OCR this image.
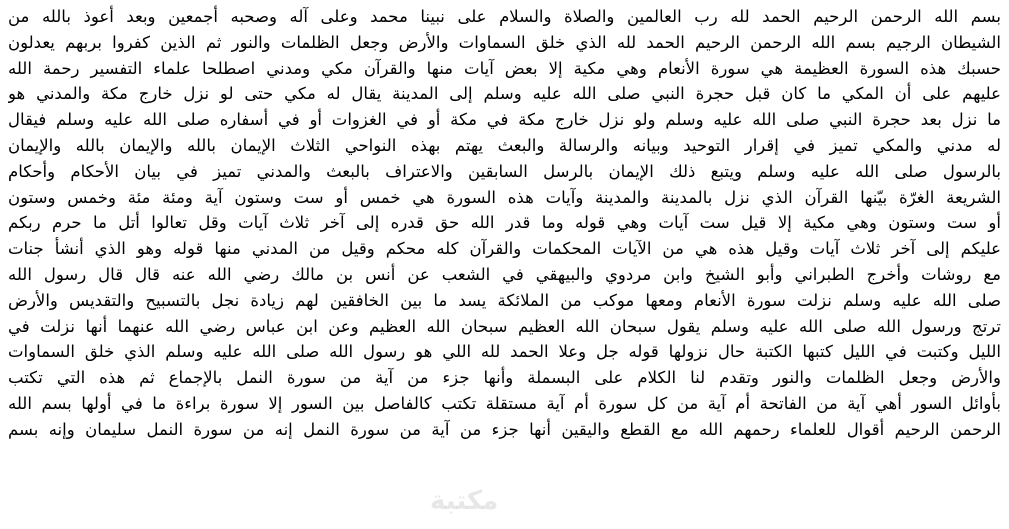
بسم الله الرحمن الرحيم الحمد لله رب العالمين والصلاة والسلام على نبينا محمد وعلى آله وصحبه أجمعين وبعد أعوذ بالله من
الشيطان الرجيم بسم الله الرحمن الرحيم الحمد لله الذي خلق السماوات والأرض وجعل الظلمات والنور ثم الذين كفروا بربهم يعدلون
حسبك هذه السورة العظيمة هي سورة الأنعام وهي مكية إلا بعض آيات منها والقرآن مكي ومدني اصطلحا علماء التفسير رحمة الله
عليهم على أن المكي ما كان قبل حجرة النبي صلى الله عليه وسلم إلى المدينة يقال له مكي حتى لو نزل خارج مكة والمدني هو
ما نزل بعد حجرة النبي صلى الله عليه وسلم ولو نزل خارج مكة في مكة أو في الغزوات أو في أسفاره صلى الله عليه وسلم فيقال
له مدني والمكي تميز في إقرار التوحيد وبيانه والرسالة والبعث يهتم بهذه النواحي الثلاث الإيمان بالله والإيمان بالله والإيمان
بالرسول صلى الله عليه وسلم ويتبع ذلك الإيمان بالرسل السابقين والاعتراف بالبعث والمدني تميز في بيان الأحكام وأحكام
الشريعة الغرّة بيّنها القرآن الذي نزل بالمدينة والمدينة وآيات هذه السورة هي خمس أو ست وستون آية ومئة مئة وخمس وستون
أو ست وستون وهي مكية إلا قيل ست آيات وهي قوله وما قدر الله حق قدره إلى آخر ثلاث آيات وقل تعالوا أتل ما حرم ربكم
عليكم إلى آخر ثلاث آيات وقيل هذه هي من الآيات المحكمات والقرآن كله محكم وقيل من المدني منها قوله وهو الذي أنشأ جنات
مع روشات وأخرج الطبراني وأبو الشيخ وابن مردوي والبيهقي في الشعب عن أنس بن مالك رضي الله عنه قال قال رسول الله
صلى الله عليه وسلم نزلت سورة الأنعام ومعها موكب من الملائكة يسد ما بين الخافقين لهم زيادة نجل بالتسبيح والتقديس والأرض
ترتج ورسول الله صلى الله عليه وسلم يقول سبحان الله العظيم سبحان الله العظيم وعن ابن عباس رضي الله عنهما أنها نزلت في
الليل وكتبت في الليل كتبها الكتبة حال نزولها قوله جل وعلا الحمد لله اللي هو رسول الله صلى الله عليه وسلم الذي خلق السماوات
والأرض وجعل الظلمات والنور وتقدم لنا الكلام على البسملة وأنها جزء من آية من سورة النمل بالإجماع ثم هذه التي تكتب
بأوائل السور أهي آية من الفاتحة أم آية من كل سورة أم آية مستقلة تكتب كالفاصل بين السور إلا سورة براءة ما في أولها بسم الله
الرحمن الرحيم أقوال للعلماء رحمهم الله مع القطع واليقين أنها جزء من آية من سورة النمل إنه من سورة النمل سليمان وإنه بسم
مكتبة
